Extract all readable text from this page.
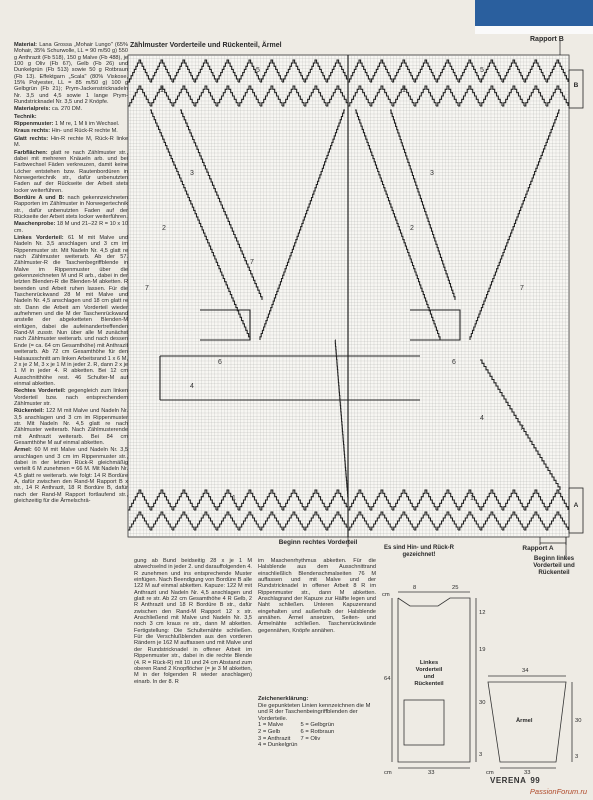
Material: Lana Grossa „Mohair Lungo" (65% Mohair, 35% Schurwolle, LL = 90 m/50 g) 550 g Anthrazit (Fb 518), 150 g Malve (Fb 488), je 100 g Oliv (Fb 67), Gelb (Fb 26) und Dunkelgrün (Fb 513) sowie 50 g Rotbraun (Fb 13). Effektgarn „Scala" (80% Viskose, 15% Polyester, LL = 85 m/50 g) 100 g Gelbgrün (Fb 21); Prym-Jackenstricknadeln Nr. 3,5 und 4,5 sowie 1 lange Prym-Rundstricknadel Nr. 3,5 und 2 Knöpfe.
Materialpreis: ca. 270 DM.
Technik:
Rippenmuster: 1 M re, 1 M li im Wechsel.
Kraus rechts: Hin- und Rück-R rechte M.
Glatt rechts: Hin-R rechte M, Rück-R linke M.
Farbflächen: glatt re nach Zählmuster str., dabei mit mehreren Knäueln arb. und bei Farbwechsel Fäden verkreuzen, damit keine Löcher entstehen bzw. Rautenbordüren in Norwegertechnik str., dafür unbenutzten Faden auf der Rückseite der Arbeit stets locker weiterführen.
Bordüre A und B: nach gekennzeichneten Rapporten im Zählmuster in Norwegertechnik str., dafür unbenutzten Faden auf der Rückseite der Arbeit stets locker weiterführen.
Maschenprobe: 18 M und 21–22 R = 10 x 10 cm.
Linkes Vorderteil: 61 M mit Malve und Nadeln Nr. 3,5 anschlagen und 3 cm im Rippenmuster str. Mit Nadeln Nr. 4,5 glatt re nach Zählmuster weiterarb. Ab der 57. Zählmuster-R die Taschenbegriffblende in Malve im Rippenmuster über die gekennzeichneten M und R arb., dabei in der letzten Blenden-R die Blenden-M abketten. R beenden und Arbeit ruhen lassen. Für die Taschenrückwand 28 M mit Malve und Nadeln Nr. 4,5 anschlagen und 18 cm glatt re str. Dann die Arbeit am Vorderteil wieder aufnehmen und die M der Taschenrückwand anstelle der abgeketteten Blenden-M einfügen, dabei die aufeinandertreffenden Rand-M zusstr. Nun über alle M zunächst nach Zählmuster weiterarb. und nach dessen Ende (= ca. 64 cm Gesamthöhe) mit Anthrazit weiterarb. Ab 72 cm Gesamthöhe für den Halsausschnitt am linken Arbeitsrand 1 x 6 M, 2 x je 2 M, 3 x je 1 M in jeder 2. R, dann 2 x je 1 M in jeder 4. R abketten. Bei 12 cm Ausschnitthöhe rest. 46 Schulter-M auf einmal abketten.
Rechtes Vorderteil: gegengleich zum linken Vorderteil bzw. nach entsprechendem Zählmuster str.
Rückenteil: 122 M mit Malve und Nadeln Nr. 3,5 anschlagen und 3 cm im Rippenmuster str. Mit Nadeln Nr. 4,5 glatt re nach Zählmuster weiterarb. Nach Zählmusterende mit Anthrazit weiterarb. Bei 84 cm Gesamthöhe M auf einmal abketten.
Ärmel: 60 M mit Malve und Nadeln Nr. 3,5 anschlagen und 3 cm im Rippenmuster str., dabei in der letzten Rück-R gleichmäßig verteilt 6 M zunehmen = 66 M. Mit Nadeln Nr. 4,5 glatt re weiterarb. wie folgt: 14 R Bordüre A, dafür zwischen den Rand-M Rapport B x str., 14 R Anthrazit, 18 R Bordüre B, dafür nach der Rand-M Rapport fortlaufend str., gleichzeitig für die Ärmelschrä-
Zählmuster Vorderteile und Rückenteil, Ärmel
Rapport B
1
5
3
7
2
7
6
4
1
1
5
3
7
2
6
7
4
1
B
A
Rapport A
Beginn rechtes Vorderteil
Es sind Hin- und Rück-R gezeichnet!	Beginn linkes
Vorderteil und
Rückenteil
gung ab Bund beidseitig 28 x je 1 M abwechselnd in jeder 2. und darauffolgenden 4. R zunehmen und ins entsprechende Muster einfügen. Nach Beendigung von Bordüre B alle 122 M auf einmal abketten. Kapuze: 122 M mit Anthrazit und Nadeln Nr. 4,5 anschlagen und glatt re str. Ab 22 cm Gesamthöhe 4 R Gelb, 2 R Anthrazit und 18 R Bordüre B str., dafür zwischen den Rand-M Rapport 12 x str. Anschließend mit Malve und Nadeln Nr. 3,5 noch 3 cm kraus re str., dann M abketten. Fertigstellung: Die Schulternähte schließen. Für die Verschlußblenden aus den vorderen Rändern je 162 M auffassen und mit Malve und der Rundstricknadel in offener Arbeit im Rippenmuster str., dabei in die rechte Blende (4. R = Rück-R) mit 10 und 24 cm Abstand zum oberen Rand 2 Knopflöcher (= je 3 M abketten, M in der folgenden R wieder anschlagen) einarb. In der 8. R
im Maschenrhythmus abketten. Für die Halsblende aus dem Ausschnittrand einschließlich Blendenschmalseiten 76 M auffassen und mit Malve und der Rundstricknadel in offener Arbeit 8 R im Rippenmuster str., dann M abketten. Anschlagrand der Kapuze zur Hälfte legen und Naht schließen. Unteren Kapuzenrand eingehalten und außerhalb der Halsblende annähen. Ärmel ansetzen, Seiten- und Ärmelnähte schließen. Taschenrückwände gegennähen, Knöpfe annähen.
Zeichenerklärung:
Die gepunkteten Linien kennzeichnen die M und R der Taschenbeingriffblenden der Vorderteile.
1 = Malve	5 = Gelbgrün
2 = Gelb	6 = Rotbraun
3 = Anthrazit	7 = Oliv
4 = Dunkelgrün	
Linkes
Vorderteil
und
Rückenteil
Ärmel
8	25
cm
64
12
19
30
3
33
cm
34
30
3
33
cm
VERENA 99
PassionForum.ru
